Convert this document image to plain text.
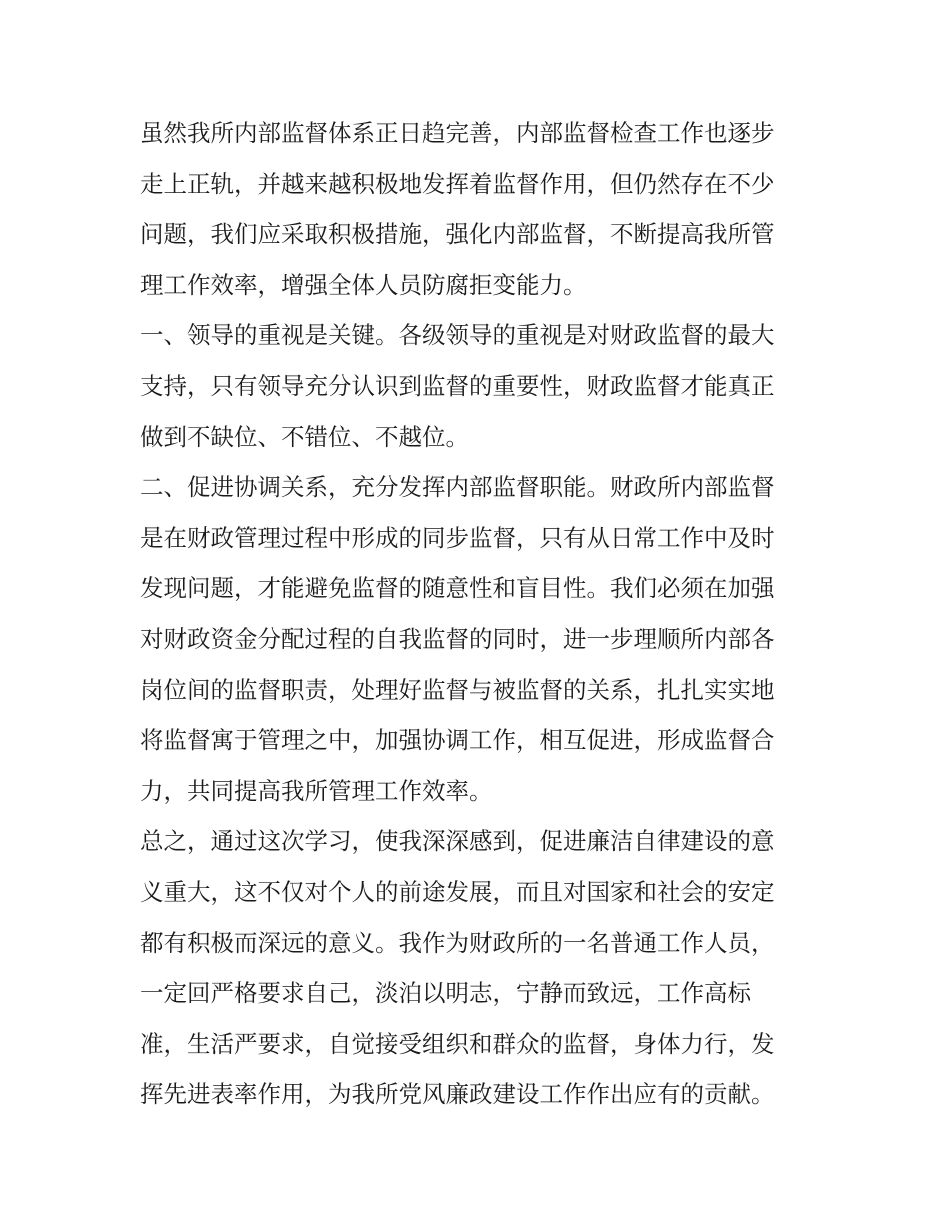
虽然我所内部监督体系正日趋完善，内部监督检查工作也逐步
走上正轨，并越来越积极地发挥着监督作用，但仍然存在不少
问题，我们应采取积极措施，强化内部监督，不断提高我所管
理工作效率，增强全体人员防腐拒变能力。
一、领导的重视是关键。各级领导的重视是对财政监督的最大
支持，只有领导充分认识到监督的重要性，财政监督才能真正
做到不缺位、不错位、不越位。
二、促进协调关系，充分发挥内部监督职能。财政所内部监督
是在财政管理过程中形成的同步监督，只有从日常工作中及时
发现问题，才能避免监督的随意性和盲目性。我们必须在加强
对财政资金分配过程的自我监督的同时，进一步理顺所内部各
岗位间的监督职责，处理好监督与被监督的关系，扎扎实实地
将监督寓于管理之中，加强协调工作，相互促进，形成监督合
力，共同提高我所管理工作效率。
总之，通过这次学习，使我深深感到，促进廉洁自律建设的意
义重大，这不仅对个人的前途发展，而且对国家和社会的安定
都有积极而深远的意义。我作为财政所的一名普通工作人员，
一定回严格要求自己，淡泊以明志，宁静而致远，工作高标
准，生活严要求，自觉接受组织和群众的监督，身体力行，发
挥先进表率作用，为我所党风廉政建设工作作出应有的贡献。
